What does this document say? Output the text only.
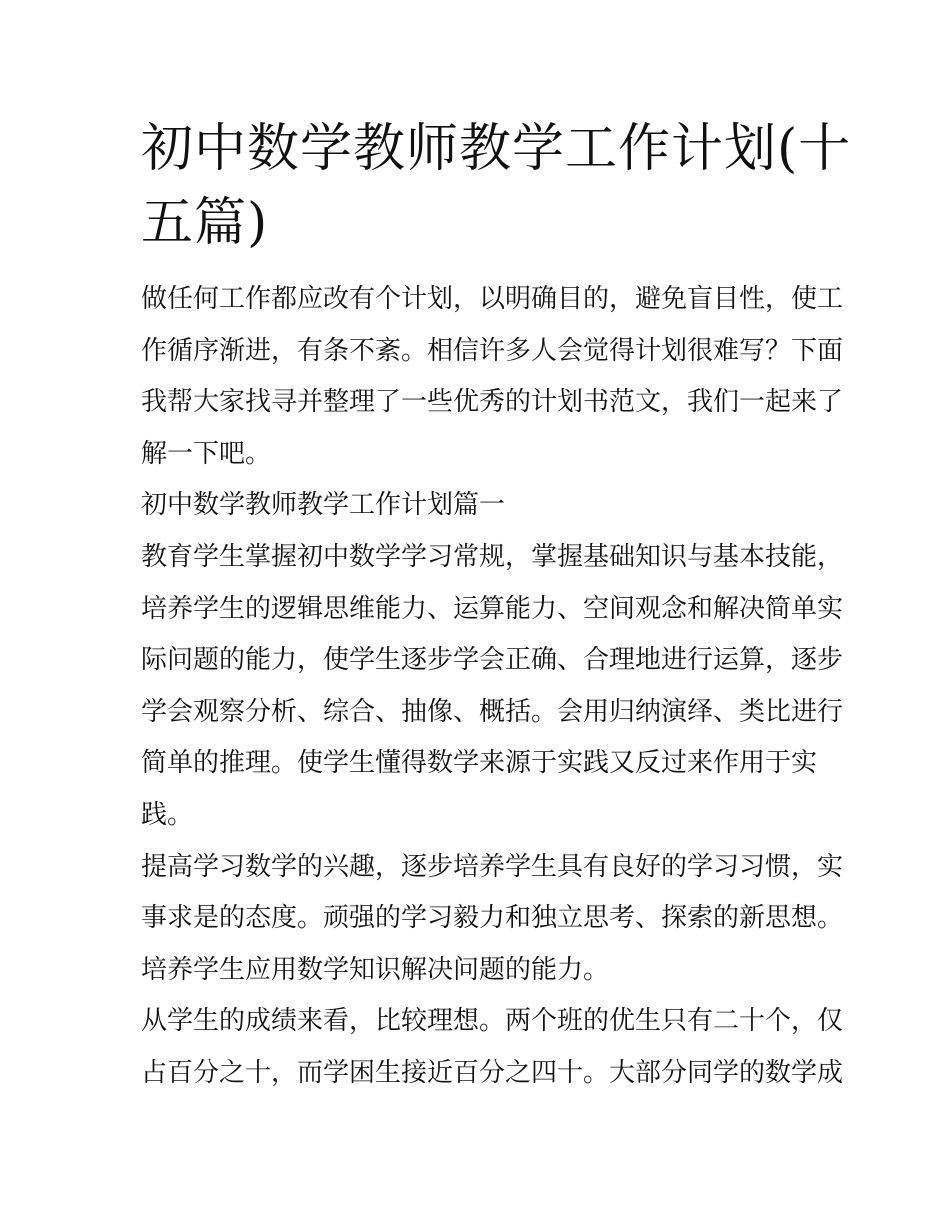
初中数学教师教学工作计划(十
五篇)

做任何工作都应改有个计划，以明确目的，避免盲目性，使工
作循序渐进，有条不紊。相信许多人会觉得计划很难写？下面
我帮大家找寻并整理了一些优秀的计划书范文，我们一起来了
解一下吧。

初中数学教师教学工作计划篇一

教育学生掌握初中数学学习常规，掌握基础知识与基本技能，
培养学生的逻辑思维能力、运算能力、空间观念和解决简单实
际问题的能力，使学生逐步学会正确、合理地进行运算，逐步
学会观察分析、综合、抽像、概括。会用归纳演绎、类比进行
简单的推理。使学生懂得数学来源于实践又反过来作用于实
践。

提高学习数学的兴趣，逐步培养学生具有良好的学习习惯，实
事求是的态度。顽强的学习毅力和独立思考、探索的新思想。
培养学生应用数学知识解决问题的能力。

从学生的成绩来看，比较理想。两个班的优生只有二十个，仅
占百分之十，而学困生接近百分之四十。大部分同学的数学成
